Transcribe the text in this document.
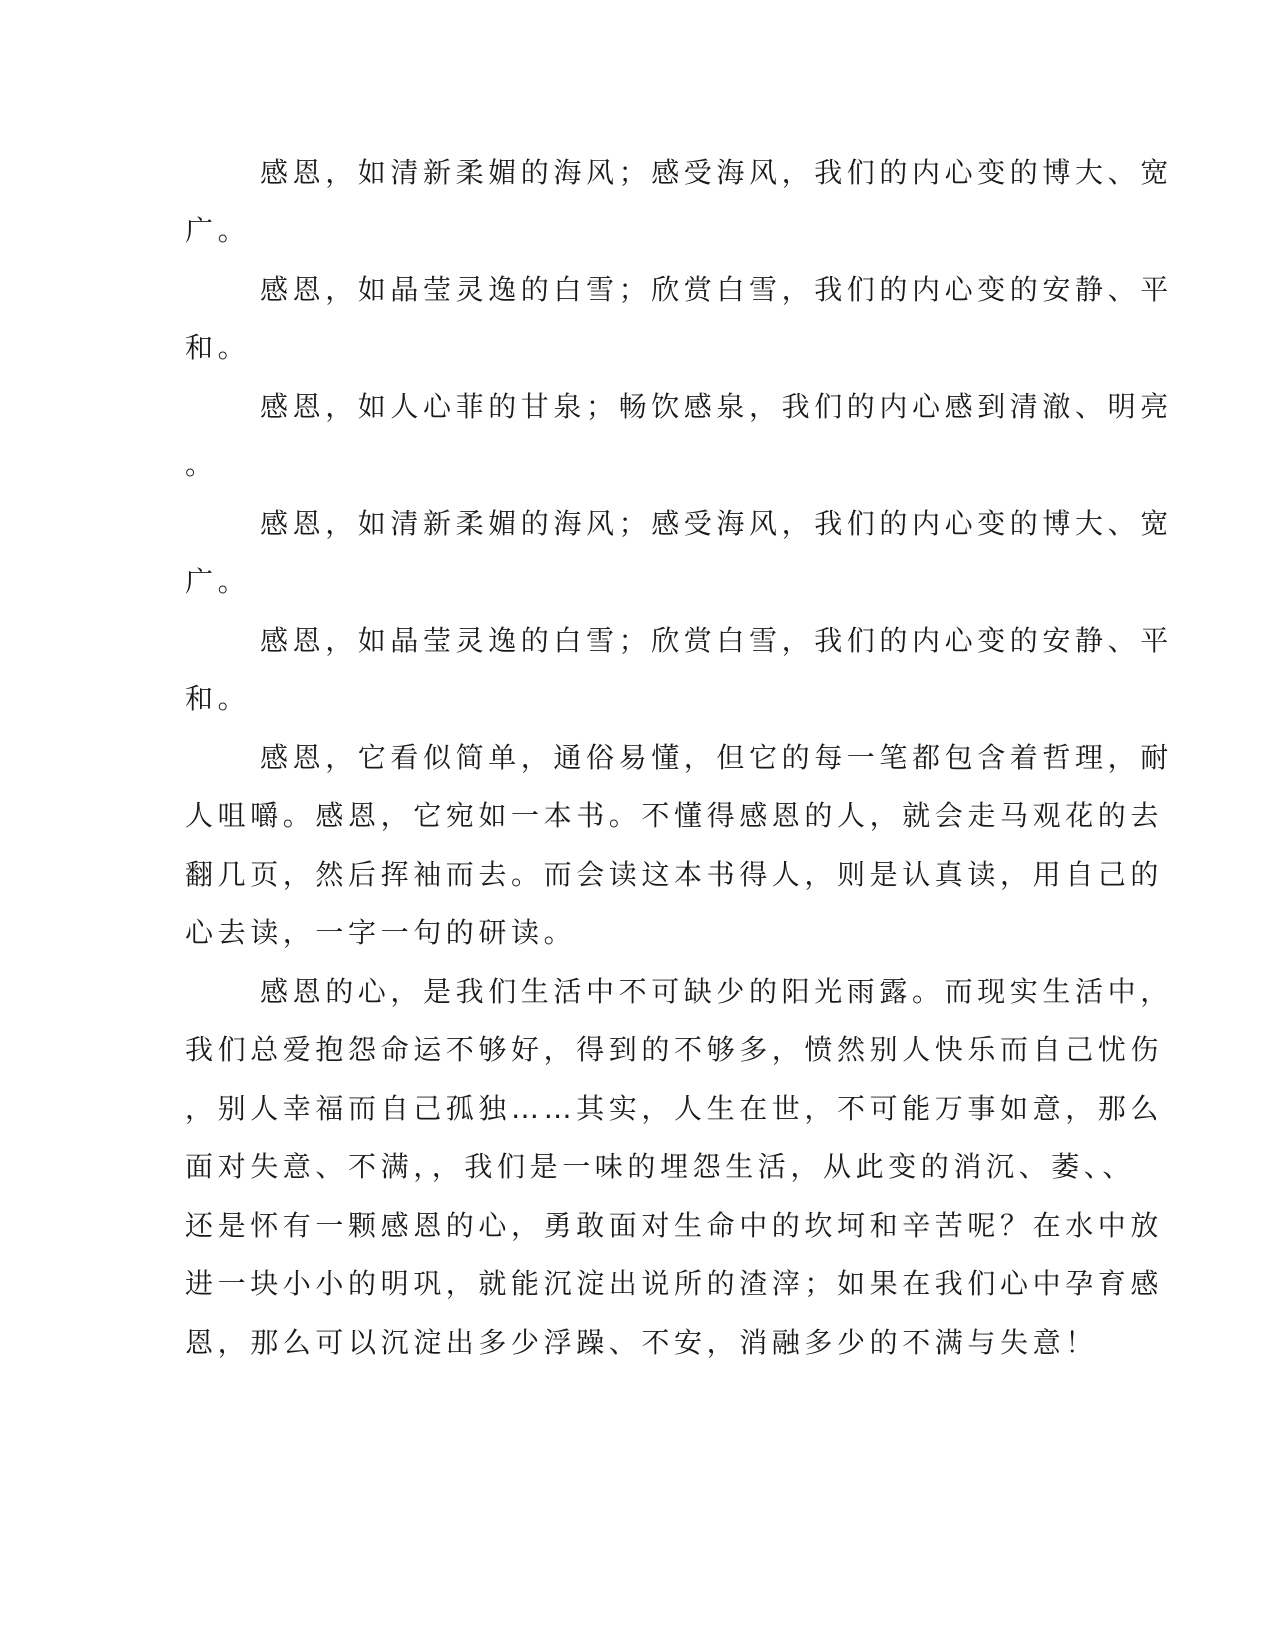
感恩，如清新柔媚的海风；感受海风，我们的内心变的博大、宽
广。
感恩，如晶莹灵逸的白雪；欣赏白雪，我们的内心变的安静、平
和。
感恩，如人心菲的甘泉；畅饮感泉，我们的内心感到清澈、明亮
。
感恩，如清新柔媚的海风；感受海风，我们的内心变的博大、宽
广。
感恩，如晶莹灵逸的白雪；欣赏白雪，我们的内心变的安静、平
和。
感恩，它看似简单，通俗易懂，但它的每一笔都包含着哲理，耐
人咀嚼。感恩，它宛如一本书。不懂得感恩的人，就会走马观花的去
翻几页，然后挥袖而去。而会读这本书得人，则是认真读，用自己的
心去读，一字一句的研读。
感恩的心，是我们生活中不可缺少的阳光雨露。而现实生活中，
我们总爱抱怨命运不够好，得到的不够多，愤然别人快乐而自己忧伤
，别人幸福而自己孤独……其实，人生在世，不可能万事如意，那么
面对失意、不满，，我们是一味的埋怨生活，从此变的消沉、萎、、
还是怀有一颗感恩的心，勇敢面对生命中的坎坷和辛苦呢？在水中放
进一块小小的明巩，就能沉淀出说所的渣滓；如果在我们心中孕育感
恩，那么可以沉淀出多少浮躁、不安，消融多少的不满与失意！
